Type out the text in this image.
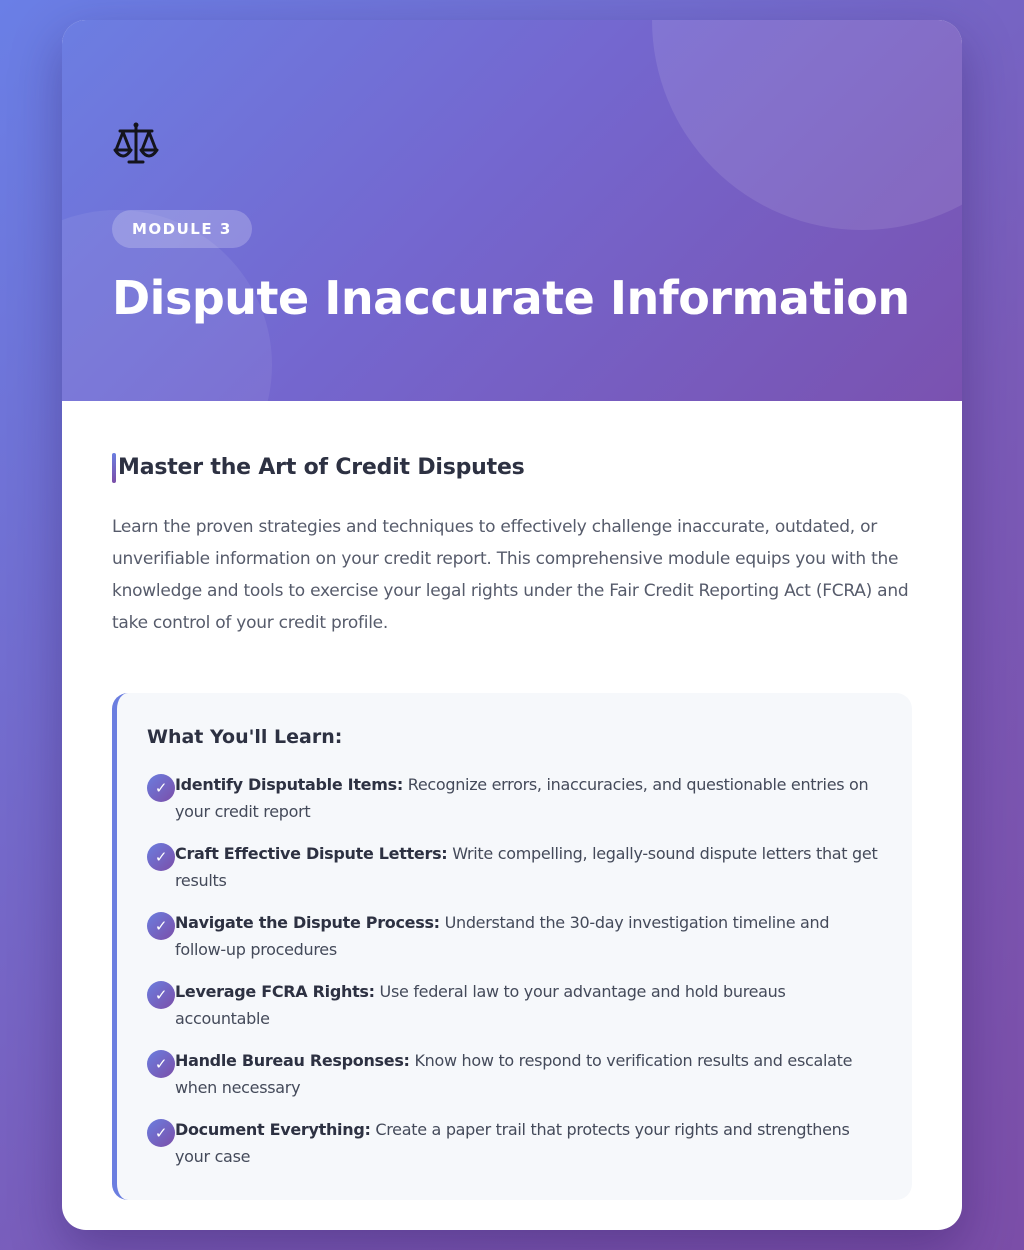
MODULE 3
Dispute Inaccurate Information
Master the Art of Credit Disputes

Learn the proven strategies and techniques to effectively challenge inaccurate, outdated, or unverifiable information on your credit report. This comprehensive module equips you with the knowledge and tools to exercise your legal rights under the Fair Credit Reporting Act (FCRA) and take control of your credit profile.

What You'll Learn:
✓ Identify Disputable Items: Recognize errors, inaccuracies, and questionable entries on your credit report
✓ Craft Effective Dispute Letters: Write compelling, legally-sound dispute letters that get results
✓ Navigate the Dispute Process: Understand the 30-day investigation timeline and follow-up procedures
✓ Leverage FCRA Rights: Use federal law to your advantage and hold bureaus accountable
✓ Handle Bureau Responses: Know how to respond to verification results and escalate when necessary
✓ Document Everything: Create a paper trail that protects your rights and strengthens your case
